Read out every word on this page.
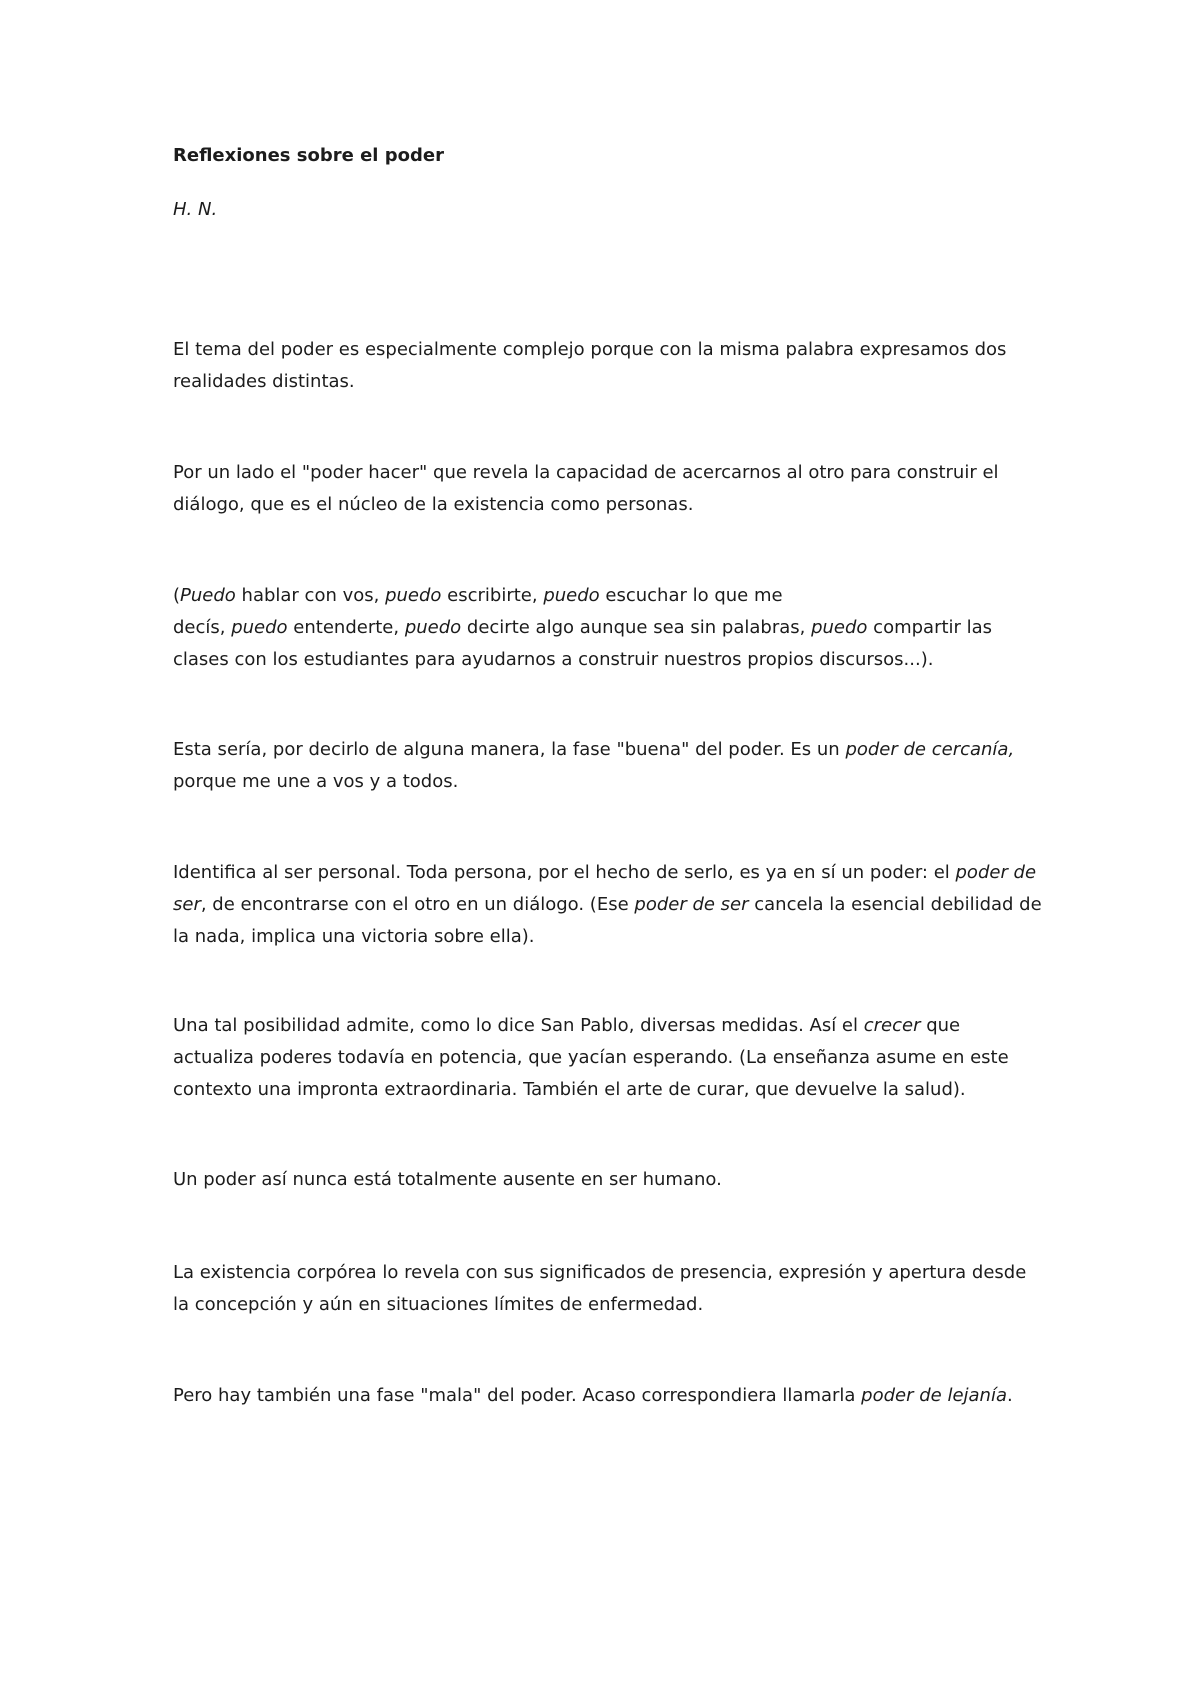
Reflexiones sobre el poder

H. N.

El tema del poder es especialmente complejo porque con la misma palabra expresamos dos
realidades distintas.

Por un lado el "poder hacer" que revela la capacidad de acercarnos al otro para construir el
diálogo, que es el núcleo de la existencia como personas.

(Puedo hablar con vos, puedo escribirte, puedo escuchar lo que me
decís, puedo entenderte, puedo decirte algo aunque sea sin palabras, puedo compartir las
clases con los estudiantes para ayudarnos a construir nuestros propios discursos...).

Esta sería, por decirlo de alguna manera, la fase "buena" del poder. Es un poder de cercanía,
porque me une a vos y a todos.

Identifica al ser personal. Toda persona, por el hecho de serlo, es ya en sí un poder: el poder de
ser, de encontrarse con el otro en un diálogo. (Ese poder de ser cancela la esencial debilidad de
la nada, implica una victoria sobre ella).

Una tal posibilidad admite, como lo dice San Pablo, diversas medidas. Así el crecer que
actualiza poderes todavía en potencia, que yacían esperando. (La enseñanza asume en este
contexto una impronta extraordinaria. También el arte de curar, que devuelve la salud).

Un poder así nunca está totalmente ausente en ser humano.

La existencia corpórea lo revela con sus significados de presencia, expresión y apertura desde
la concepción y aún en situaciones límites de enfermedad.

Pero hay también una fase "mala" del poder. Acaso correspondiera llamarla poder de lejanía.
